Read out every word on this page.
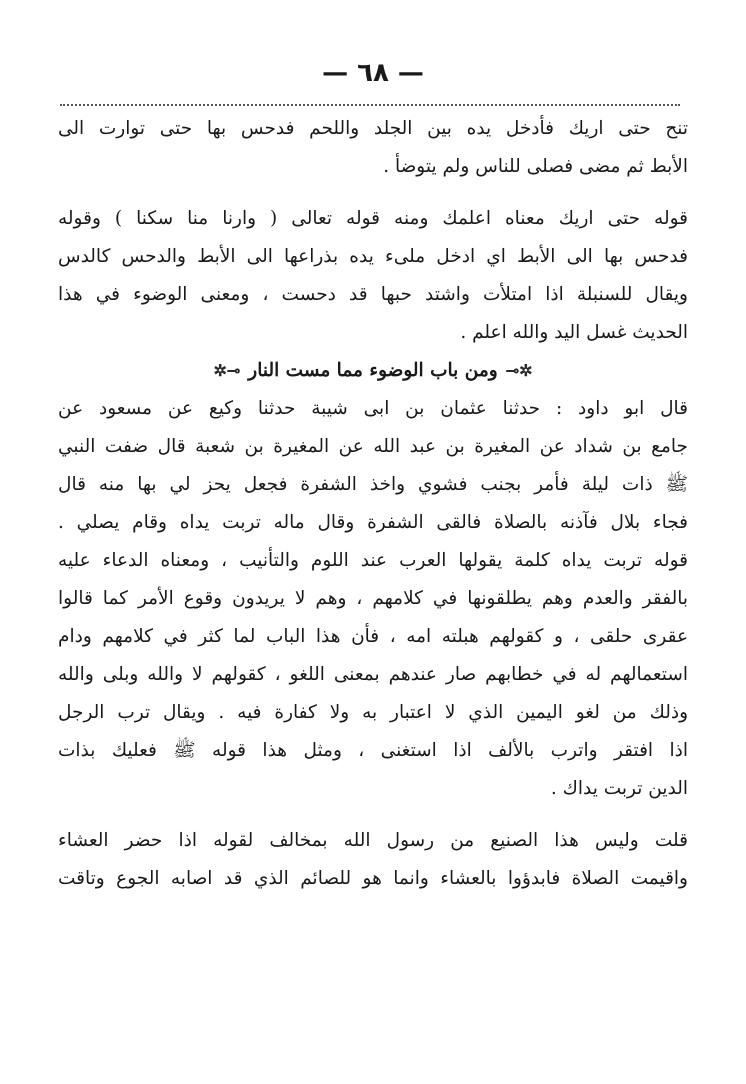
— ٦٨ —
تنح حتى اريك فأدخل يده بين الجلد واللحم فدحس بها حتى توارت الى
الأبط ثم مضى فصلى للناس ولم يتوضأ .
قوله حتى اريك معناه اعلمك ومنه قوله تعالى ( وارنا منا سكنا ) وقوله
فدحس بها الى الأبط اي ادخل ملىء يده بذراعها الى الأبط والدحس كالدس
ويقال للسنبلة اذا امتلأت واشتد حبها قد دحست ، ومعنى الوضوء في هذا
الحديث غسل اليد والله اعلم .
✲⊸ومن باب الوضوء مما مست النار⊸✲
قال ابو داود : حدثنا عثمان بن ابى شيبة حدثنا وكيع عن مسعود عن
جامع بن شداد عن المغيرة بن عبد الله عن المغيرة بن شعبة قال ضفت النبي
ﷺ ذات ليلة فأمر بجنب فشوي واخذ الشفرة فجعل يحز لي بها منه قال
فجاء بلال فآذنه بالصلاة فالقى الشفرة وقال ماله تربت يداه وقام يصلي .
قوله تربت يداه كلمة يقولها العرب عند اللوم والتأنيب ، ومعناه الدعاء عليه
بالفقر والعدم وهم يطلقونها في كلامهم ، وهم لا يريدون وقوع الأمر كما قالوا
عقرى حلقى ، و كقولهم هبلته امه ، فأن هذا الباب لما كثر في كلامهم ودام
استعمالهم له في خطابهم صار عندهم بمعنى اللغو ، كقولهم لا والله وبلى والله
وذلك من لغو اليمين الذي لا اعتبار به ولا كفارة فيه . ويقال ترب الرجل
اذا افتقر واترب بالألف اذا استغنى ، ومثل هذا قوله ﷺ فعليك بذات
الدين تربت يداك .
قلت وليس هذا الصنيع من رسول الله بمخالف لقوله اذا حضر العشاء
واقيمت الصلاة فابدؤوا بالعشاء وانما هو للصائم الذي قد اصابه الجوع وتاقت
